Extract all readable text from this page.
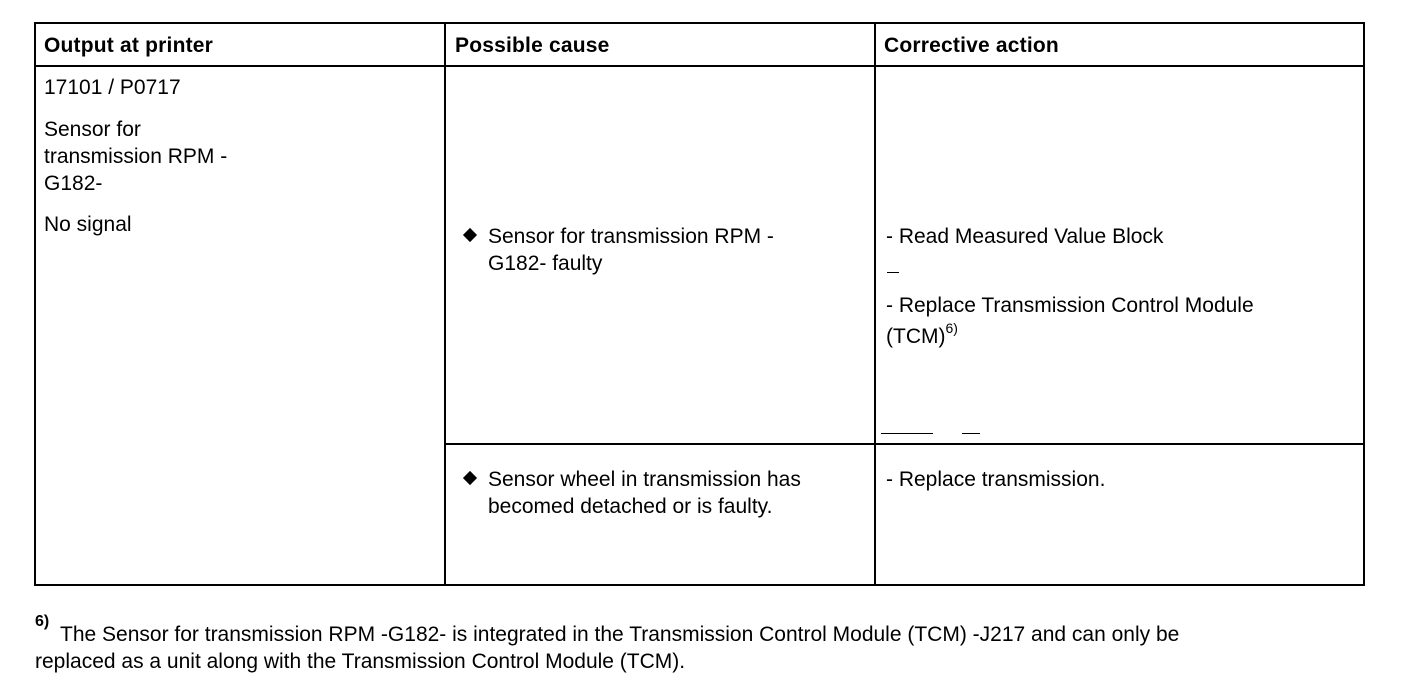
Output at printer	Possible cause	Corrective action
17101 / P0717
Sensor for
transmission RPM -
G182-
No signal
Sensor for transmission RPM -
G182- faulty
- Read Measured Value Block
- Replace Transmission Control Module
(TCM)$^{6)}$
Sensor wheel in transmission has
becomed detached or is faulty.
- Replace transmission.
6)
The Sensor for transmission RPM -G182- is integrated in the Transmission Control Module (TCM) -J217 and can only be
replaced as a unit along with the Transmission Control Module (TCM).
